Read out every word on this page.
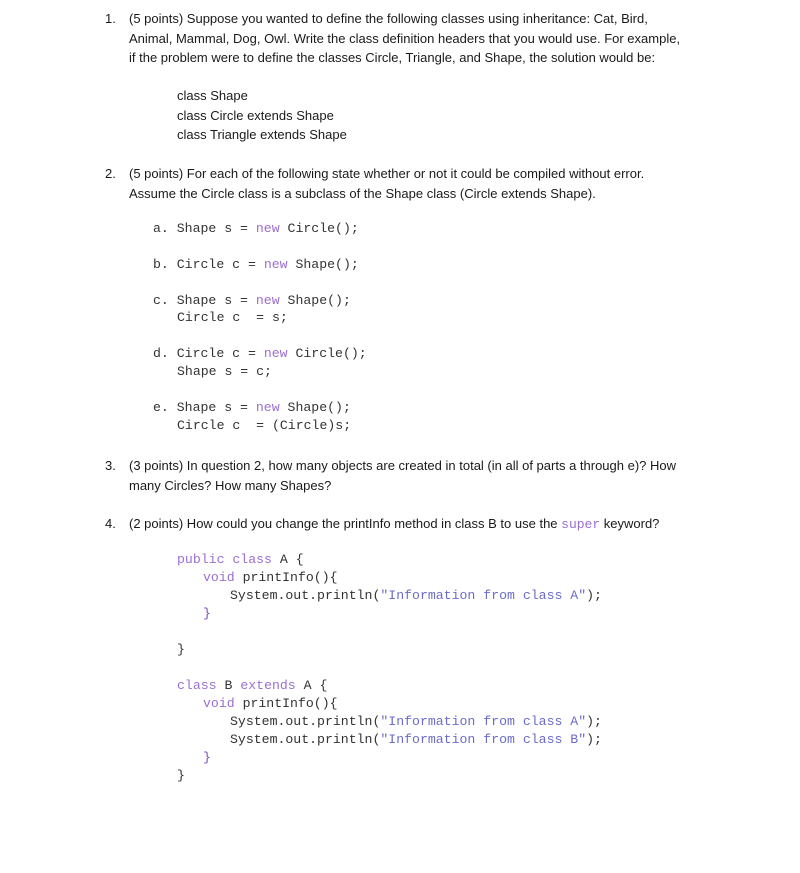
1. (5 points) Suppose you wanted to define the following classes using inheritance: Cat, Bird, Animal, Mammal, Dog, Owl. Write the class definition headers that you would use. For example, if the problem were to define the classes Circle, Triangle, and Shape, the solution would be:
class Shape
class Circle extends Shape
class Triangle extends Shape
2. (5 points) For each of the following state whether or not it could be compiled without error. Assume the Circle class is a subclass of the Shape class (Circle extends Shape).
a. Shape s = new Circle();
b. Circle c = new Shape();
c. Shape s = new Shape();
Circle c  = s;
d. Circle c = new Circle();
Shape s = c;
e. Shape s = new Shape();
Circle c  = (Circle)s;
3. (3 points) In question 2, how many objects are created in total (in all of parts a through e)? How many Circles? How many Shapes?
4. (2 points) How could you change the printInfo method in class B to use the super keyword?
public class A {
void printInfo(){
System.out.println("Information from class A");
}
}
class B extends A {
void printInfo(){
System.out.println("Information from class A");
System.out.println("Information from class B");
}
}
